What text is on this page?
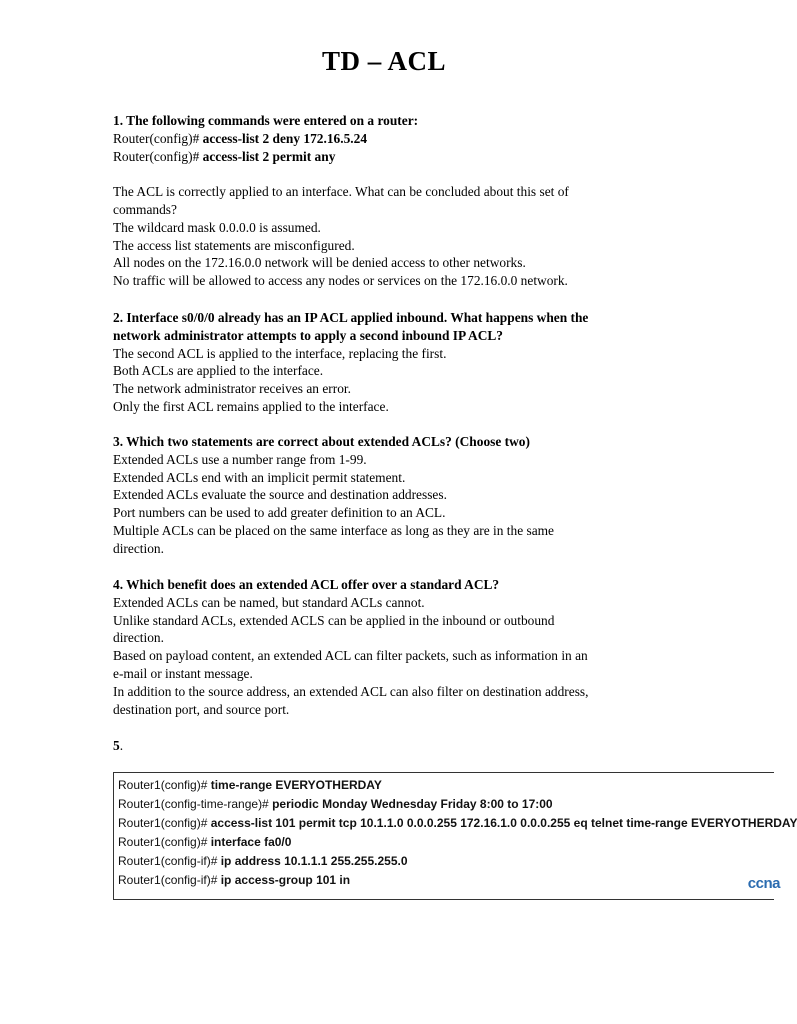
TD – ACL
1. The following commands were entered on a router:
Router(config)# access-list 2 deny 172.16.5.24
Router(config)# access-list 2 permit any
The ACL is correctly applied to an interface. What can be concluded about this set of
commands?
The wildcard mask 0.0.0.0 is assumed.
The access list statements are misconfigured.
All nodes on the 172.16.0.0 network will be denied access to other networks.
No traffic will be allowed to access any nodes or services on the 172.16.0.0 network.
2. Interface s0/0/0 already has an IP ACL applied inbound. What happens when the
network administrator attempts to apply a second inbound IP ACL?
The second ACL is applied to the interface, replacing the first.
Both ACLs are applied to the interface.
The network administrator receives an error.
Only the first ACL remains applied to the interface.
3. Which two statements are correct about extended ACLs? (Choose two)
Extended ACLs use a number range from 1-99.
Extended ACLs end with an implicit permit statement.
Extended ACLs evaluate the source and destination addresses.
Port numbers can be used to add greater definition to an ACL.
Multiple ACLs can be placed on the same interface as long as they are in the same
direction.
4. Which benefit does an extended ACL offer over a standard ACL?
Extended ACLs can be named, but standard ACLs cannot.
Unlike standard ACLs, extended ACLS can be applied in the inbound or outbound
direction.
Based on payload content, an extended ACL can filter packets, such as information in an
e-mail or instant message.
In addition to the source address, an extended ACL can also filter on destination address,
destination port, and source port.
5.
Router1(config)# time-range EVERYOTHERDAY
Router1(config-time-range)# periodic Monday Wednesday Friday 8:00 to 17:00
Router1(config)# access-list 101 permit tcp 10.1.1.0 0.0.0.255 172.16.1.0 0.0.0.255 eq telnet time-range EVERYOTHERDAY
Router1(config)# interface fa0/0
Router1(config-if)# ip address 10.1.1.1 255.255.255.0
Router1(config-if)# ip access-group 101 in	ccna
